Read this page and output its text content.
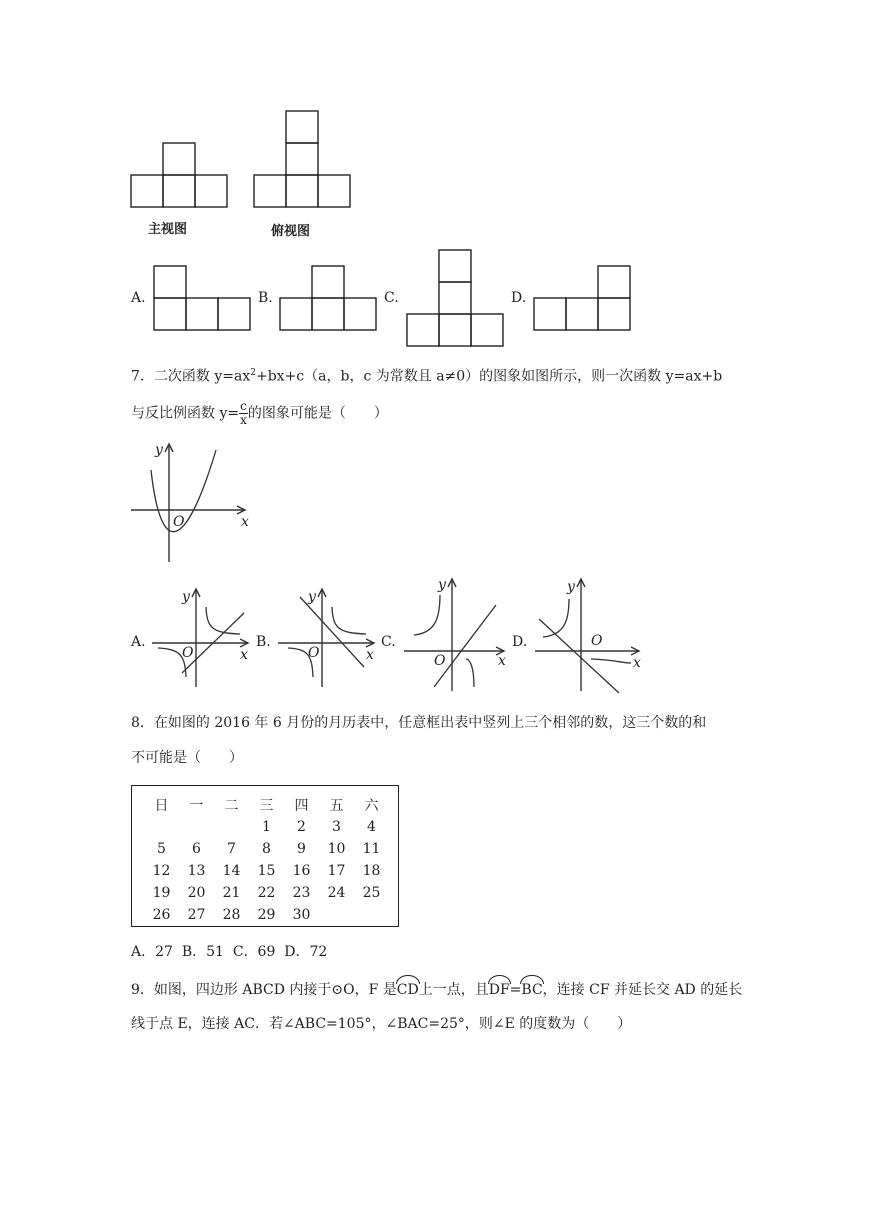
主视图	俯视图
A.	B.	C.	D.
7．二次函数 $y=ax^2+bx+c(a$，b，c 为常数且 a≠0）的图象如图所示，则一次函数 y=ax+b
与反比例函数 $y= \frac{c}{x}$ 的图象可能是（　　）
y
x
O
A.
y
x
O
B.
y
x
O
C.
y
x
O
D.
y
x
O
8．在如图的 2016 年 6 月份的月历表中，任意框出表中竖列上三个相邻的数，这三个数的和
不可能是（　　）
日	一	二	三	四	五	六
			1	2	3	4
5	6	7	8	9	10	11
12	13	14	15	16	17	18
19	20	21	22	23	24	25
26	27	28	29	30		
A．27  B．51  C．69  D．72
9．如图，四边形 ABCD 内接于⊙O，F 是CD上一点，且DF=BC，连接 CF 并延长交 AD 的延长
线于点 E，连接 AC．若∠ABC=105°，∠BAC=25°，则∠E 的度数为（　　）
